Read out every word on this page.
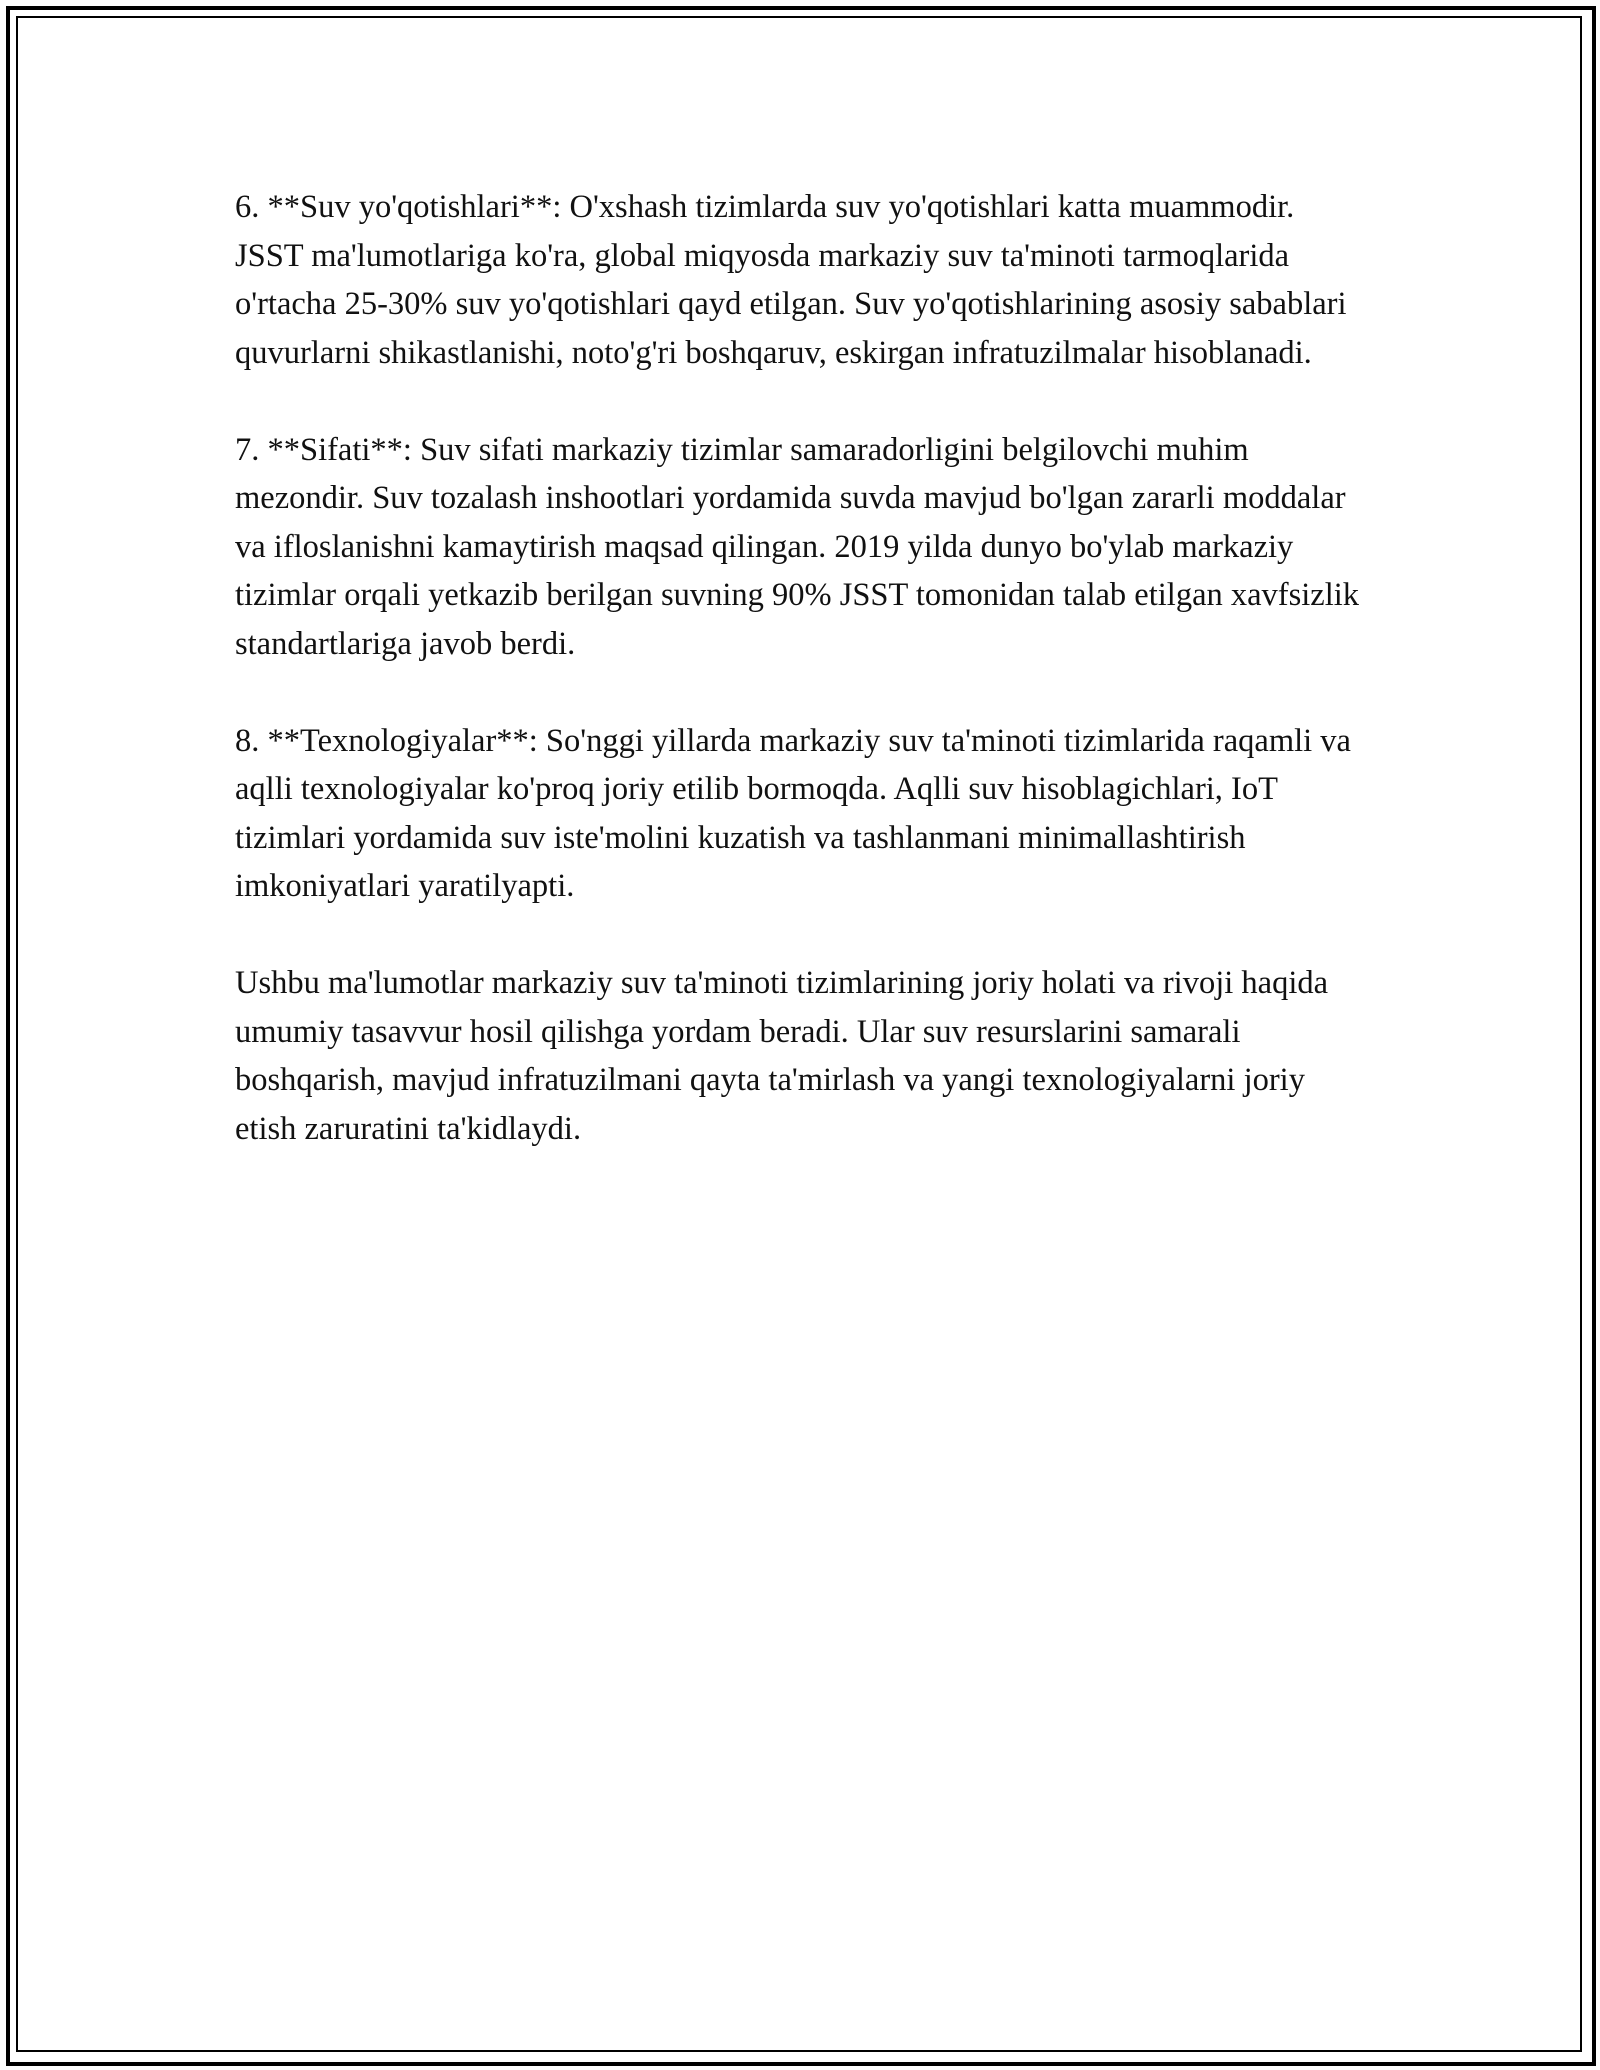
6. **Suv yo'qotishlari**: O'xshash tizimlarda suv yo'qotishlari katta muammodir. JSST ma'lumotlariga ko'ra, global miqyosda markaziy suv ta'minoti tarmoqlarida o'rtacha 25-30% suv yo'qotishlari qayd etilgan. Suv yo'qotishlarining asosiy sabablari quvurlarni shikastlanishi, noto'g'ri boshqaruv, eskirgan infratuzilmalar hisoblanadi.

7. **Sifati**: Suv sifati markaziy tizimlar samaradorligini belgilovchi muhim mezondir. Suv tozalash inshootlari yordamida suvda mavjud bo'lgan zararli moddalar va ifloslanishni kamaytirish maqsad qilingan. 2019 yilda dunyo bo'ylab markaziy tizimlar orqali yetkazib berilgan suvning 90% JSST tomonidan talab etilgan xavfsizlik standartlariga javob berdi.

8. **Texnologiyalar**: So'nggi yillarda markaziy suv ta'minoti tizimlarida raqamli va aqlli texnologiyalar ko'proq joriy etilib bormoqda. Aqlli suv hisoblagichlari, IoT tizimlari yordamida suv iste'molini kuzatish va tashlanmani minimallashtirish imkoniyatlari yaratilyapti.

Ushbu ma'lumotlar markaziy suv ta'minoti tizimlarining joriy holati va rivoji haqida umumiy tasavvur hosil qilishga yordam beradi. Ular suv resurslarini samarali boshqarish, mavjud infratuzilmani qayta ta'mirlash va yangi texnologiyalarni joriy etish zaruratini ta'kidlaydi.
